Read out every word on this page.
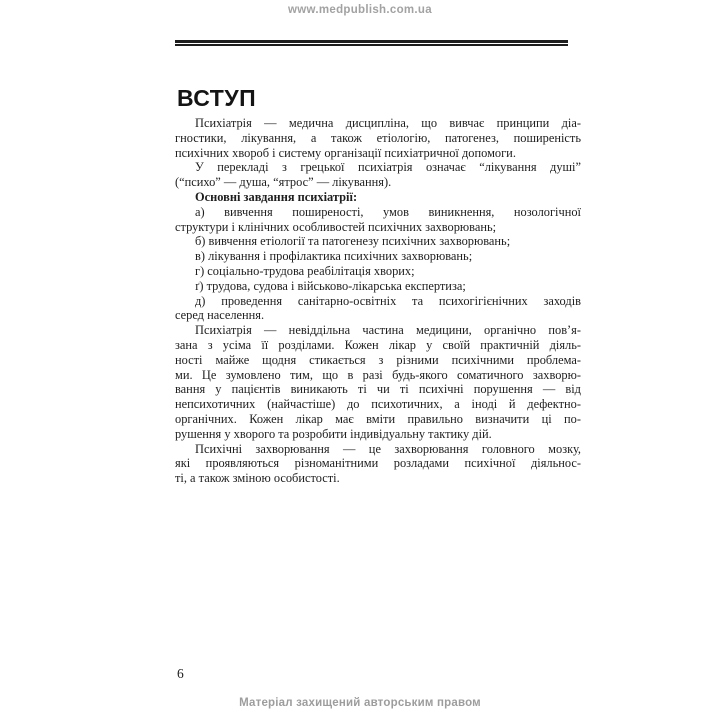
www.medpublish.com.ua
ВСТУП
Психіатрія — медична дисципліна, що вивчає принципи діа-
гностики, лікування, а також етіологію, патогенез, поширеність
психічних хвороб і систему організації психіатричної допомоги.
У перекладі з грецької психіатрія означає “лікування душі”
(“психо” — душа, “ятрос” — лікування).
Основні завдання психіатрії:
а) вивчення поширеності, умов виникнення, нозологічної
структури і клінічних особливостей психічних захворювань;
б) вивчення етіології та патогенезу психічних захворювань;
в) лікування і профілактика психічних захворювань;
г) соціально-трудова реабілітація хворих;
ґ) трудова, судова і військово-лікарська експертиза;
д) проведення санітарно-освітніх та психогігієнічних заходів
серед населення.
Психіатрія — невіддільна частина медицини, органічно пов’я-
зана з усіма її розділами. Кожен лікар у своїй практичній діяль-
ності майже щодня стикається з різними психічними проблема-
ми. Це зумовлено тим, що в разі будь-якого соматичного захворю-
вання у пацієнтів виникають ті чи ті психічні порушення — від
непсихотичних (найчастіше) до психотичних, а іноді й дефектно-
органічних. Кожен лікар має вміти правильно визначити ці по-
рушення у хворого та розробити індивідуальну тактику дій.
Психічні захворювання — це захворювання головного мозку,
які проявляються різноманітними розладами психічної діяльнос-
ті, а також зміною особистості.
6
Матеріал захищений авторським правом
